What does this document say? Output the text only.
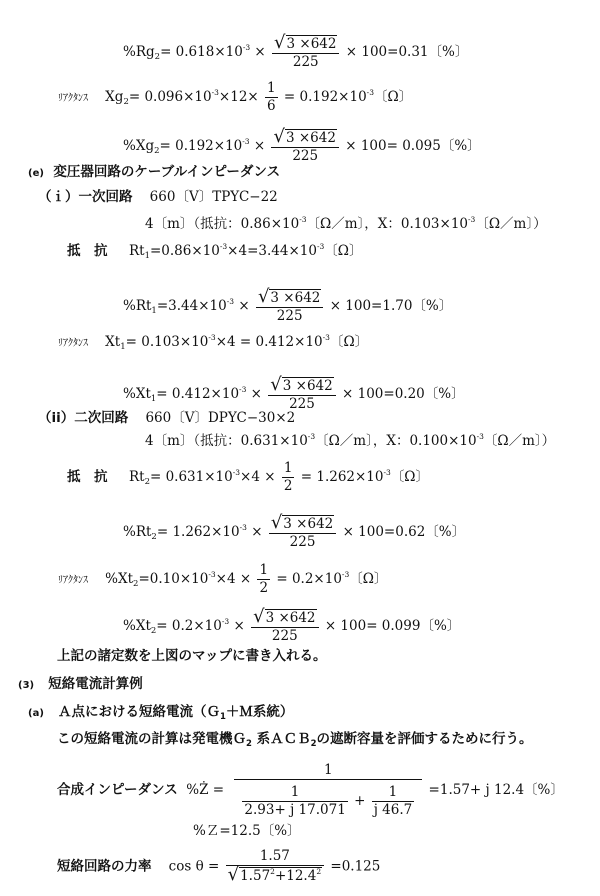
$\%Rg_2= 0.618\times 10^{-3} \times \frac{√3 \times 642}{225} \times 100=0.31$〔%〕
ﾘｱｸﾀﾝｽ $Xg_2= 0.096\times 10^{-3}\times 12\times \frac{1}{6} = 0.192\times 10^{-3}$〔Ω〕
$\%Xg_2= 0.192\times 10^{-3} \times \frac{√3 \times 642}{225} \times 100= 0.095$〔%〕
(e) 変圧器回路のケーブルインピーダンス
（ｉ）一次回路 660〔V〕TPYC−22
4〔m〕（抵抗：$0.86\times 10^{-3}$〔Ω／m〕，X：$0.103\times 10^{-3}$〔Ω／m〕）
抵　抗 $Rt_1=0.86\times 10^{-3}\times 4=3.44\times 10^{-3}$〔Ω〕
$\%Rt_1=3.44\times 10^{-3} \times \frac{√3 \times 642}{225} \times 100=1.70$〔%〕
ﾘｱｸﾀﾝｽ $Xt_1= 0.103\times 10^{-3}\times 4 = 0.412\times 10^{-3}$〔Ω〕
$\%Xt_1= 0.412\times 10^{-3} \times \frac{√3 \times 642}{225} \times 100=0.20$〔%〕
（ii）二次回路 660〔V〕DPYC−30×2
4〔m〕（抵抗：$0.631\times 10^{-3}$〔Ω／m〕，X：$0.100\times 10^{-3}$〔Ω／m〕）
抵　抗 $Rt_2= 0.631\times 10^{-3}\times 4 \times \frac{1}{2} = 1.262\times 10^{-3}$〔Ω〕
$\%Rt_2= 1.262\times 10^{-3} \times \frac{√3 \times 642}{225} \times 100=0.62$〔%〕
ﾘｱｸﾀﾝｽ $\%Xt_2=0.10\times 10^{-3}\times 4 \times \frac{1}{2} = 0.2\times 10^{-3}$〔Ω〕
$\%Xt_2= 0.2\times 10^{-3} \times \frac{√3 \times 642}{225} \times 100= 0.099$〔%〕
上記の諸定数を上図のマップに書き入れる。
(3) 短絡電流計算例
(a) Ａ点における短絡電流（Ｇ$_1$＋Ｍ系統）
この短絡電流の計算は発電機Ｇ$_2$ 系ＡＣＢ$_2$の遮断容量を評価するために行う。
合成インピーダンス %Ż = $\frac{1}{\frac{1}{2.93+ j 17.071} + \frac{1}{j 46.7}} =1.57+ j$ 12.4〔%〕
%Ｚ=12.5〔%〕
短絡回路の力率 $\cos \theta = \frac{1.57}{√1.57^2+12.4^2} =0.125$
